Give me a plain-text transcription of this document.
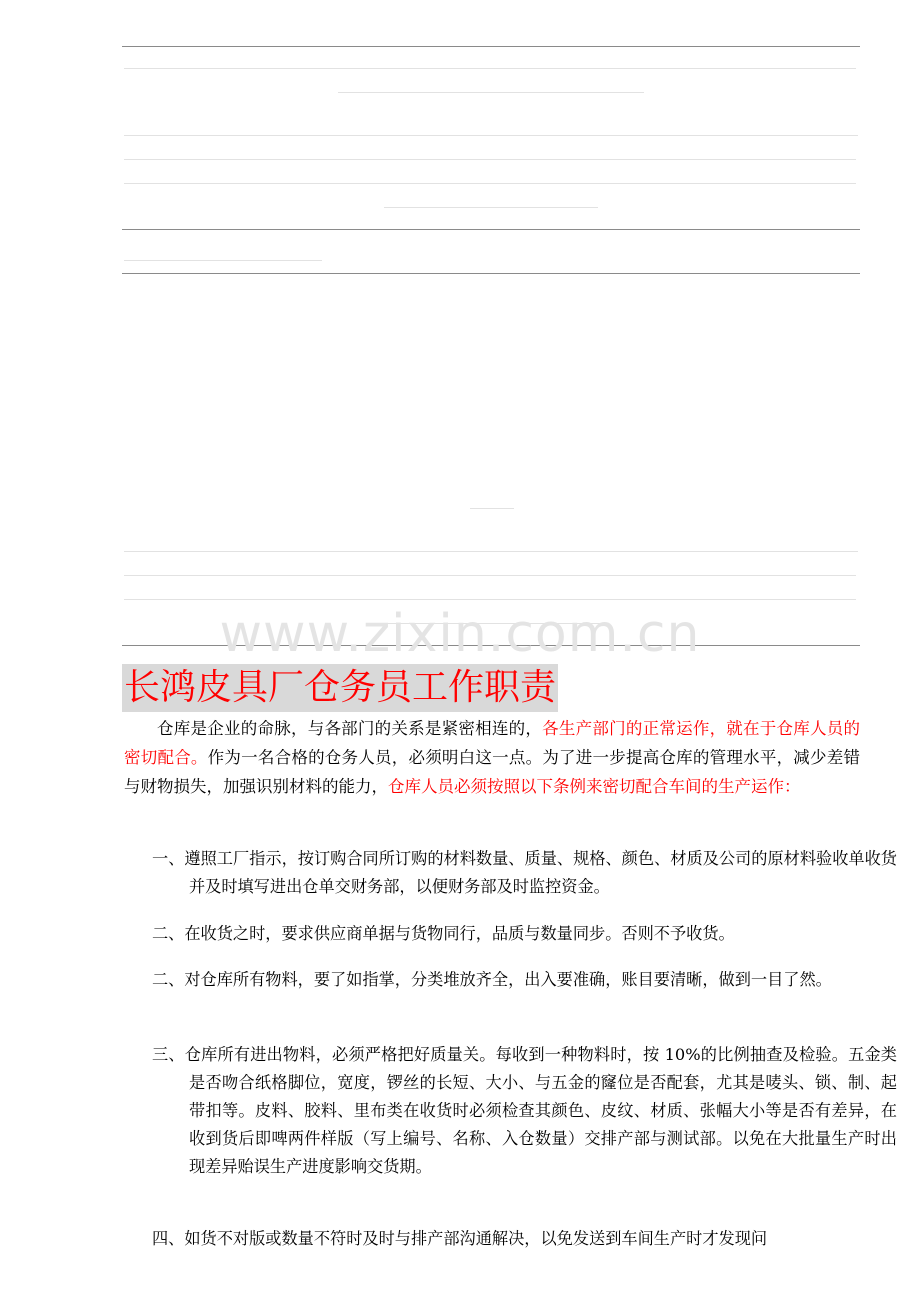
www.zixin.com.cn
长鸿皮具厂仓务员工作职责

仓库是企业的命脉，与各部门的关系是紧密相连的，各生产部门的正常运作，就在于仓库人员的密切配合。作为一名合格的仓务人员，必须明白这一点。为了进一步提高仓库的管理水平，减少差错与财物损失，加强识别材料的能力，仓库人员必须按照以下条例来密切配合车间的生产运作：

一、遵照工厂指示，按订购合同所订购的材料数量、质量、规格、颜色、材质及公司的原材料验收单收货并及时填写进出仓单交财务部，以便财务部及时监控资金。

二、在收货之时，要求供应商单据与货物同行，品质与数量同步。否则不予收货。

二、对仓库所有物料，要了如指掌，分类堆放齐全，出入要准确，账目要清晰，做到一目了然。

三、仓库所有进出物料，必须严格把好质量关。每收到一种物料时，按 10%的比例抽查及检验。五金类是否吻合纸格脚位，宽度，锣丝的长短、大小、与五金的窿位是否配套，尤其是唛头、锁、制、起带扣等。皮料、胶料、里布类在收货时必须检查其颜色、皮纹、材质、张幅大小等是否有差异，在收到货后即啤两件样版（写上编号、名称、入仓数量）交排产部与测试部。以免在大批量生产时出现差异贻误生产进度影响交货期。

四、如货不对版或数量不符时及时与排产部沟通解决，以免发送到车间生产时才发现问
